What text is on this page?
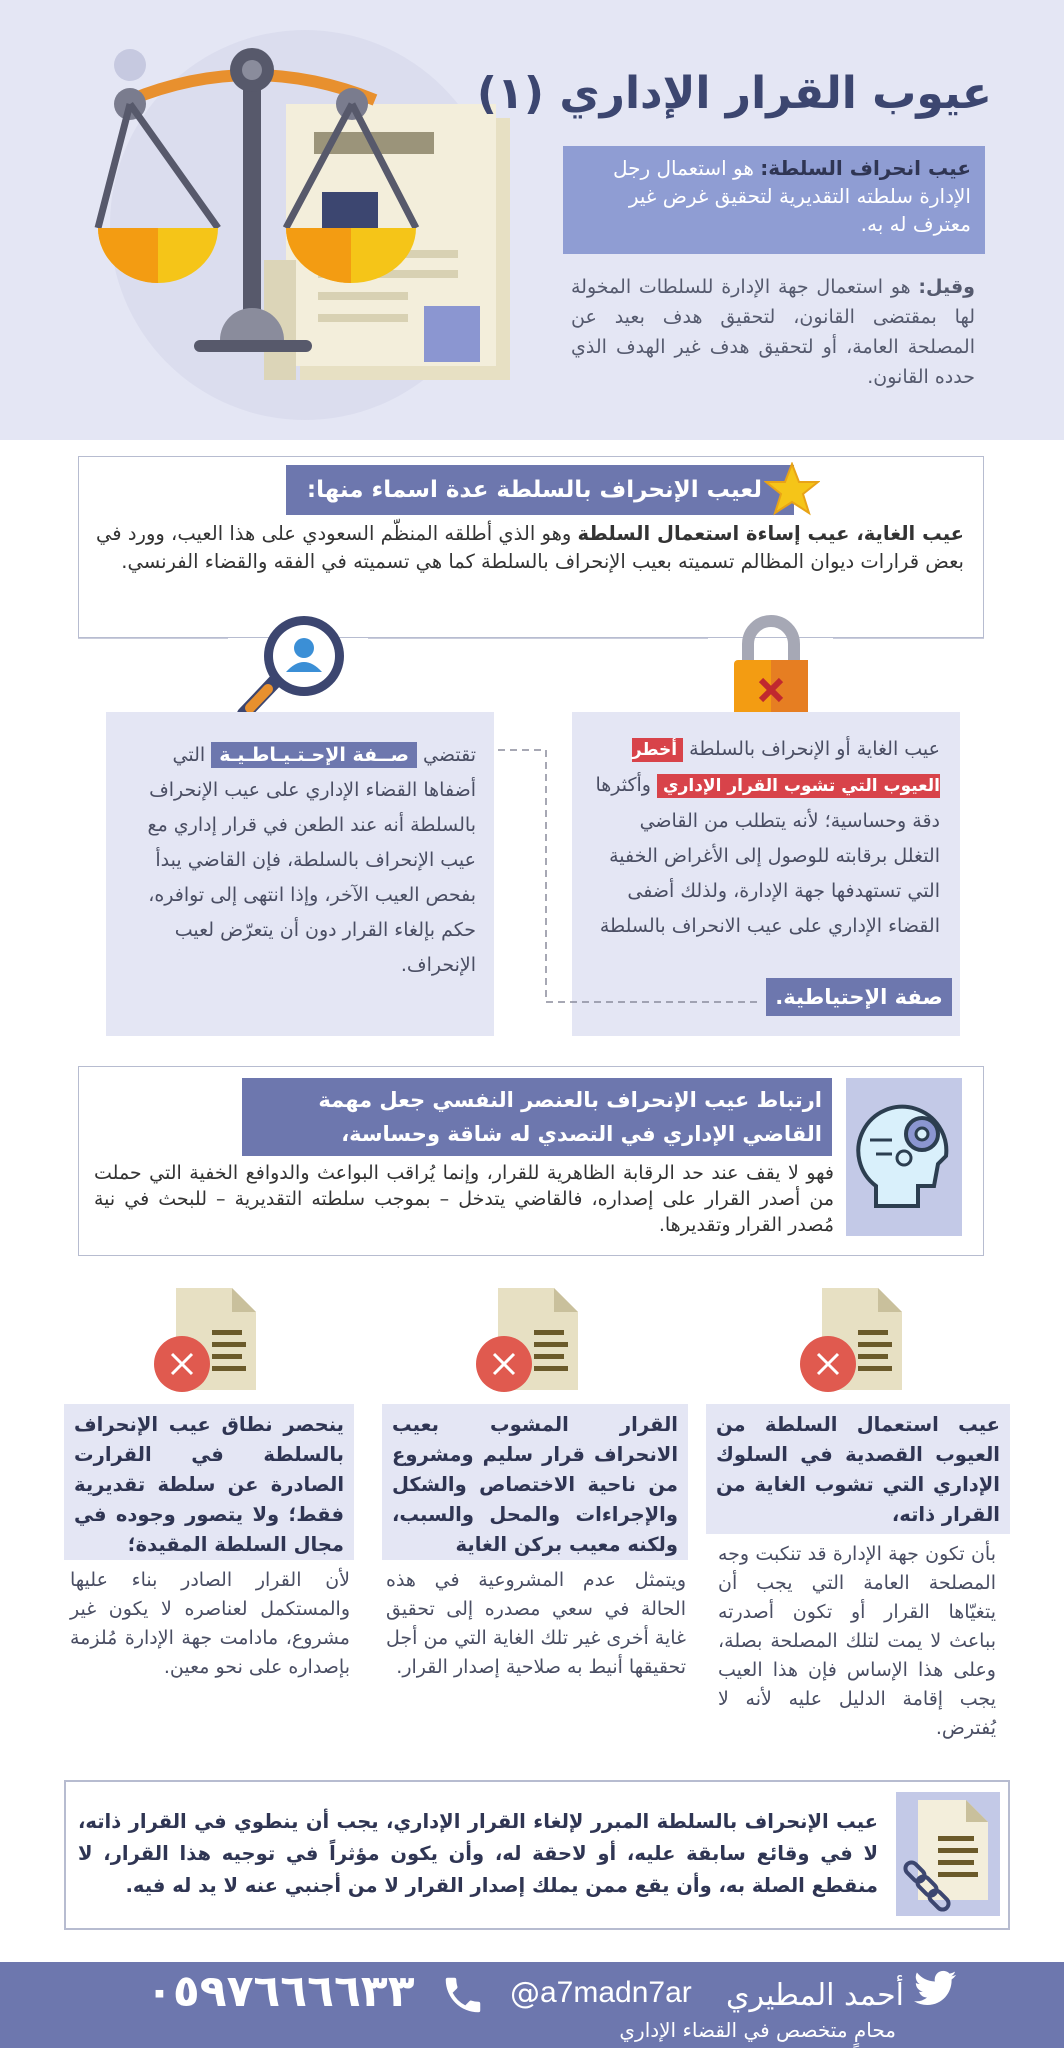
عيوب القرار الإداري (١)
عيب انحراف السلطة: هو استعمال رجل الإدارة سلطته التقديرية لتحقيق غرض غير معترف له به.
وقيل: هو استعمال جهة الإدارة للسلطات المخولة لها بمقتضى القانون، لتحقيق هدف بعيد عن المصلحة العامة، أو لتحقيق هدف غير الهدف الذي حدده القانون.
لعيب الإنحراف بالسلطة عدة اسماء منها:
عيب الغاية، عيب إساءة استعمال السلطة وهو الذي أطلقه المنظّم السعودي على هذا العيب، وورد في بعض قرارات ديوان المظالم تسميته بعيب الإنحراف بالسلطة كما هي تسميته في الفقه والقضاء الفرنسي.
تقتضي صــفة الإحـتـيـاطـيـة التي أضفاها القضاء الإداري على عيب الإنحراف بالسلطة أنه عند الطعن في قرار إداري مع عيب الإنحراف بالسلطة، فإن القاضي يبدأ بفحص العيب الآخر، وإذا انتهى إلى توافره، حكم بإلغاء القرار دون أن يتعرّض لعيب الإنحراف.
عيب الغاية أو الإنحراف بالسلطة أخطر العيوب التي تشوب القرار الإداري وأكثرها دقة وحساسية؛ لأنه يتطلب من القاضي التغلل برقابته للوصول إلى الأغراض الخفية التي تستهدفها جهة الإدارة، ولذلك أضفى القضاء الإداري على عيب الانحراف بالسلطة
صفة الإحتياطية.
ارتباط عيب الإنحراف بالعنصر النفسي جعل مهمة القاضي الإداري في التصدي له شاقة وحساسة،
فهو لا يقف عند حد الرقابة الظاهرية للقرار، وإنما يُراقب البواعث والدوافع الخفية التي حملت من أصدر القرار على إصداره، فالقاضي يتدخل – بموجب سلطته التقديرية – للبحث في نية مُصدر القرار وتقديرها.
عيب استعمال السلطة من العيوب القصدية في السلوك الإداري التي تشوب الغاية من القرار ذاته،
بأن تكون جهة الإدارة قد تنكبت وجه المصلحة العامة التي يجب أن يتغيّاها القرار أو تكون أصدرته بباعث لا يمت لتلك المصلحة بصلة، وعلى هذا الإساس فإن هذا العيب يجب إقامة الدليل عليه لأنه لا يُفترض.
القرار المشوب بعيب الانحراف قرار سليم ومشروع من ناحية الاختصاص والشكل والإجراءات والمحل والسبب، ولكنه معيب بركن الغاية
ويتمثل عدم المشروعية في هذه الحالة في سعي مصدره إلى تحقيق غاية أخرى غير تلك الغاية التي من أجل تحقيقها أنيط به صلاحية إصدار القرار.
ينحصر نطاق عيب الإنحراف بالسلطة في القرارت الصادرة عن سلطة تقديرية فقط؛ ولا يتصور وجوده في مجال السلطة المقيدة؛
لأن القرار الصادر بناء عليها والمستكمل لعناصره لا يكون غير مشروع، مادامت جهة الإدارة مُلزمة بإصداره على نحو معين.
عيب الإنحراف بالسلطة المبرر لإلغاء القرار الإداري، يجب أن ينطوي في القرار ذاته، لا في وقائع سابقة عليه، أو لاحقة له، وأن يكون مؤثراً في توجيه هذا القرار، لا منقطع الصلة به، وأن يقع ممن يملك إصدار القرار لا من أجنبي عنه لا يد له فيه.
أحمد المطيري
a7madn7ar
@
محامٍ متخصص في القضاء الإداري
٠٥٩٧٦٦٦٦٣٣
